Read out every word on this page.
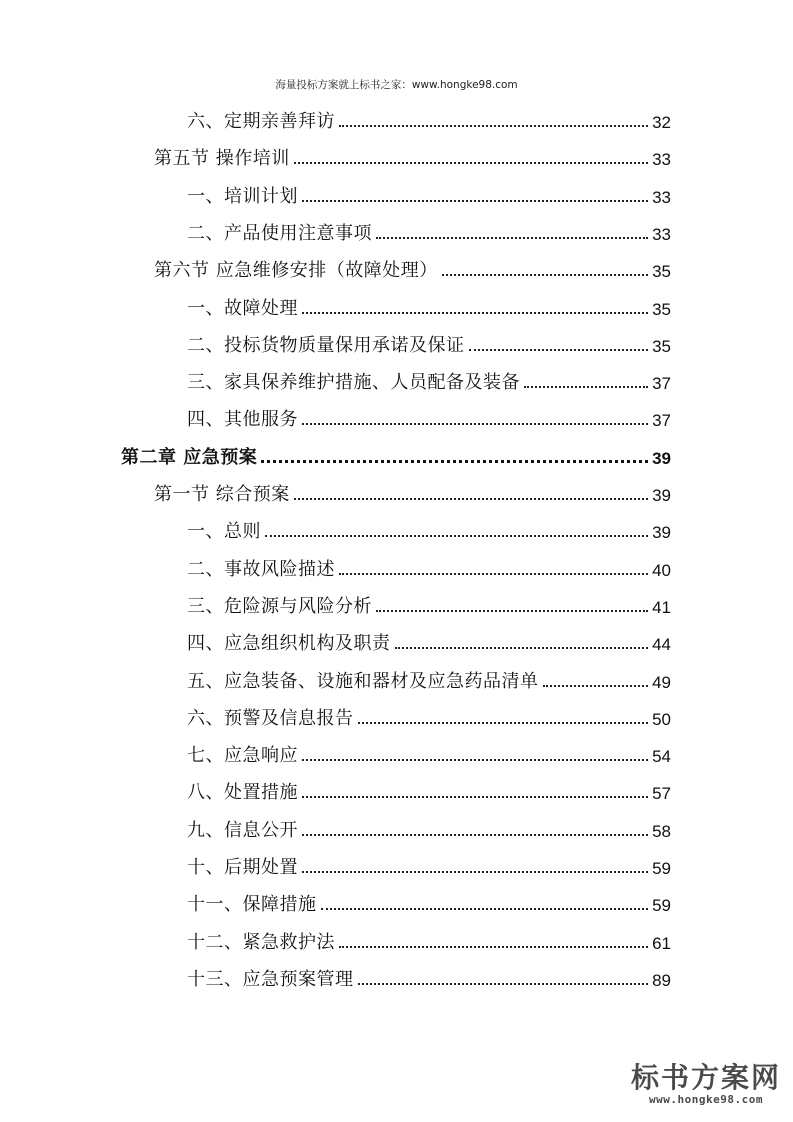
海量投标方案就上标书之家：www.hongke98.com
六、定期亲善拜访	32
第五节 操作培训	33
一、培训计划	33
二、产品使用注意事项	33
第六节 应急维修安排（故障处理）	35
一、故障处理	35
二、投标货物质量保用承诺及保证	35
三、家具保养维护措施、人员配备及装备	37
四、其他服务	37
第二章 应急预案	39
第一节 综合预案	39
一、总则	39
二、事故风险描述	40
三、危险源与风险分析	41
四、应急组织机构及职责	44
五、应急装备、设施和器材及应急药品清单	49
六、预警及信息报告	50
七、应急响应	54
八、处置措施	57
九、信息公开	58
十、后期处置	59
十一、保障措施	59
十二、紧急救护法	61
十三、应急预案管理	89
标书方案网
www.hongke98.com
